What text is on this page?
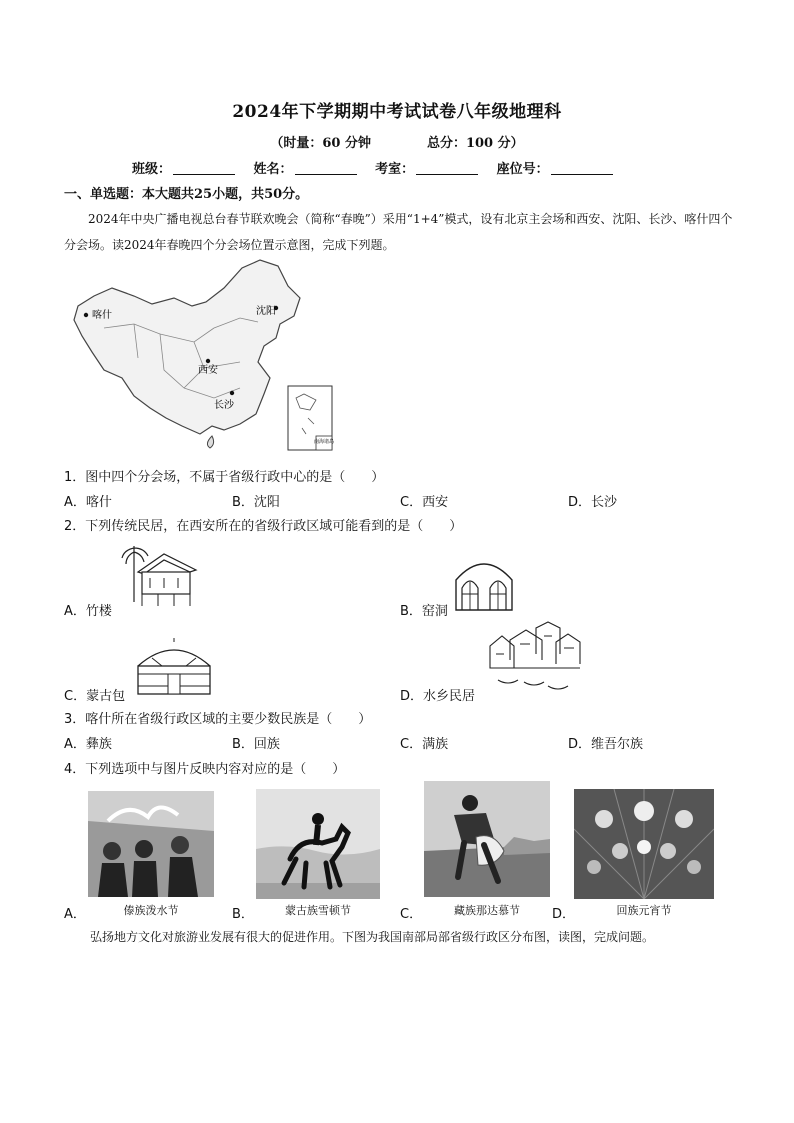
2024年下学期期中考试试卷八年级地理科
（时量：60 分钟	总分：100 分）
班级：	姓名：	考室：	座位号：
一、单选题：本大题共25小题，共50分。
2024年中央广播电视总台春节联欢晚会（简称“春晚”）采用“1+4”模式，设有北京主会场和西安、沈阳、长沙、喀什四个分会场。读2024年春晚四个分会场位置示意图，完成下列题。
南海诸岛
喀什	沈阳
西安
长沙
1．图中四个分会场，不属于省级行政中心的是（　　）
A．喀什	B．沈阳	C．西安	D．长沙
2．下列传统民居，在西安所在的省级行政区域可能看到的是（　　）
A．竹楼	B．窑洞
C．蒙古包	D．水乡民居
3．喀什所在省级行政区域的主要少数民族是（　　）
A．彝族	B．回族	C．满族	D．维吾尔族
4．下列选项中与图片反映内容对应的是（　　）
A．	傣族泼水节	B．	蒙古族雪顿节	C．	藏族那达慕节	D．	回族元宵节
弘扬地方文化对旅游业发展有很大的促进作用。下图为我国南部局部省级行政区分布图，读图，完成问题。
